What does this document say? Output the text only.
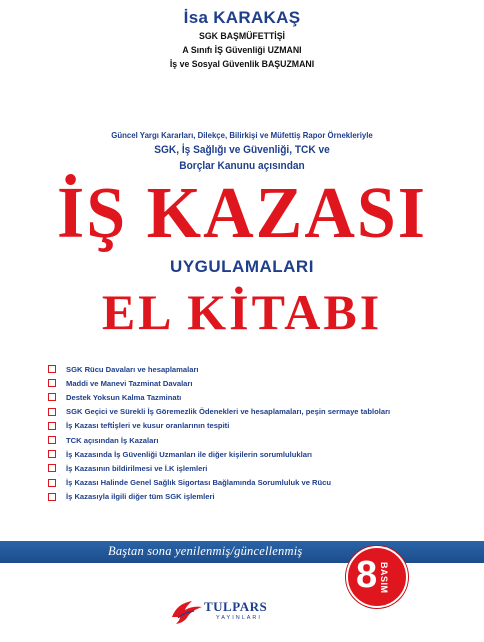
İsa KARAKAŞ
SGK BAŞMÜFETTİŞİ
A Sınıfı İŞ Güvenliği UZMANI
İş ve Sosyal Güvenlik BAŞUZMANI
Güncel Yargı Kararları, Dilekçe, Bilirkişi ve Müfettiş Rapor Örnekleriyle
SGK, İş Sağlığı ve Güvenliği, TCK ve
Borçlar Kanunu açısından
İŞ KAZASI
UYGULAMALARI
EL KİTABI
SGK Rücu Davaları ve hesaplamaları
Maddi ve Manevi Tazminat Davaları
Destek Yoksun Kalma Tazminatı
SGK Geçici ve Sürekli İş Göremezlik Ödenekleri ve hesaplamaları, peşin sermaye tabloları
İş Kazası tefti̇şleri ve kusur oranlarının tespiti
TCK açısından İş Kazaları
İş Kazasında İş Güvenliği Uzmanları ile diğer kişilerin sorumlulukları
İş Kazasının bildirilmesi ve İ.K işlemleri
İş Kazası Halinde Genel Sağlık Sigortası Bağlamında Sorumluluk ve Rücu
İş Kazasıyla ilgili diğer tüm SGK işlemleri
Baştan sona yenilenmiş/güncellenmiş
8 BASIM
TULPARS
YAYINLARI
